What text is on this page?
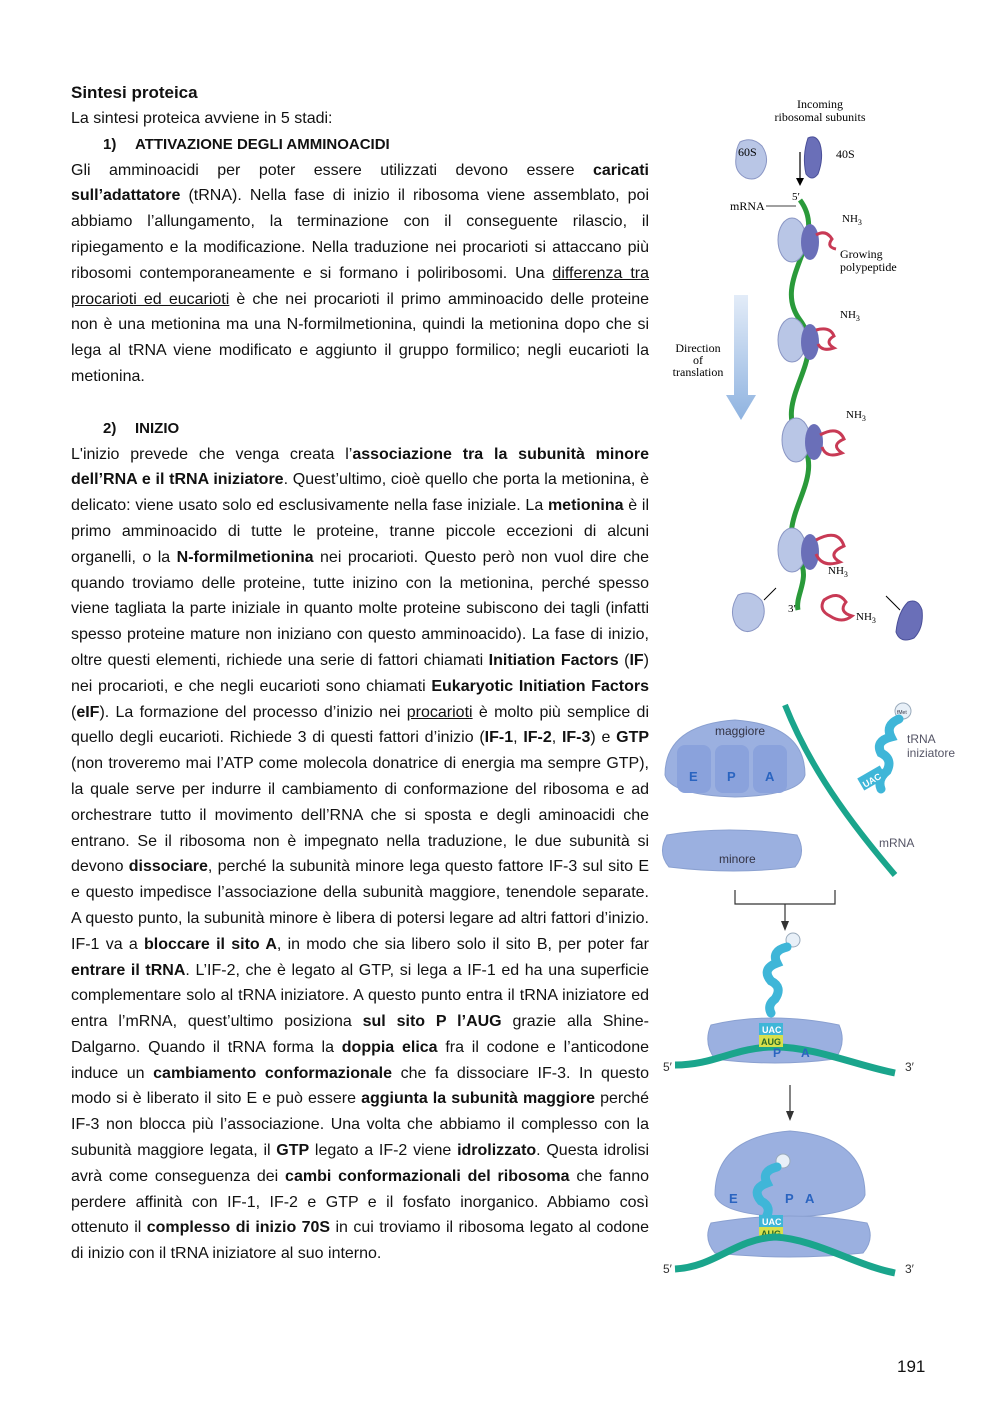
Sintesi proteica

La sintesi proteica avviene in 5 stadi:

1) ATTIVAZIONE DEGLI AMMINOACIDI

Gli amminoacidi per poter essere utilizzati devono essere caricati sull’adattatore (tRNA). Nella fase di inizio il ribosoma viene assemblato, poi abbiamo l’allungamento, la terminazione con il conseguente rilascio, il ripiegamento e la modificazione. Nella traduzione nei procarioti si attaccano più ribosomi contemporaneamente e si formano i poliribosomi. Una differenza tra procarioti ed eucarioti è che nei procarioti il primo amminoacido delle proteine non è una metionina ma una N-formilmetionina, quindi la metionina dopo che si lega al tRNA viene modificato e aggiunto il gruppo formilico; negli eucarioti la metionina.

2) INIZIO

L'inizio prevede che venga creata l’associazione tra la subunità minore dell’RNA e il tRNA iniziatore. Quest’ultimo, cioè quello che porta la metionina, è delicato: viene usato solo ed esclusivamente nella fase iniziale. La metionina è il primo amminoacido di tutte le proteine, tranne piccole eccezioni di alcuni organelli, o la N-formilmetionina nei procarioti. Questo però non vuol dire che quando troviamo delle proteine, tutte inizino con la metionina, perché spesso viene tagliata la parte iniziale in quanto molte proteine subiscono dei tagli (infatti spesso proteine mature non iniziano con questo amminoacido). La fase di inizio, oltre questi elementi, richiede una serie di fattori chiamati Initiation Factors (IF) nei procarioti, e che negli eucarioti sono chiamati Eukaryotic Initiation Factors (eIF). La formazione del processo d’inizio nei procarioti è molto più semplice di quello degli eucarioti. Richiede 3 di questi fattori d’inizio (IF-1, IF-2, IF-3) e GTP (non troveremo mai l’ATP come molecola donatrice di energia ma sempre GTP), la quale serve per indurre il cambiamento di conformazione del ribosoma e ad orchestrare tutto il movimento dell’RNA che si sposta e degli aminoacidi che entrano. Se il ribosoma non è impegnato nella traduzione, le due subunità si devono dissociare, perché la subunità minore lega questo fattore IF-3 sul sito E e questo impedisce l’associazione della subunità maggiore, tenendole separate. A questo punto, la subunità minore è libera di potersi legare ad altri fattori d’inizio. IF-1 va a bloccare il sito A, in modo che sia libero solo il sito B, per poter far entrare il tRNA. L’IF-2, che è legato al GTP, si lega a IF-1 ed ha una superficie complementare solo al tRNA iniziatore. A questo punto entra il tRNA iniziatore ed entra l’mRNA, quest’ultimo posiziona sul sito P l’AUG grazie alla Shine-Dalgarno. Quando il tRNA forma la doppia elica fra il codone e l’anticodone induce un cambiamento conformazionale che fa dissociare IF-3. In questo modo si è liberato il sito E e può essere aggiunta la subunità maggiore perché IF-3 non blocca più l’associazione. Una volta che abbiamo il complesso con la subunità maggiore legata, il GTP legato a IF-2 viene idrolizzato. Questa idrolisi avrà come conseguenza dei cambi conformazionali del ribosoma che fanno perdere affinità con IF-1, IF-2 e GTP e il fosfato inorganico. Abbiamo così ottenuto il complesso di inizio 70S in cui troviamo il ribosoma legato al codone di inizio con il tRNA iniziatore al suo interno.

Incoming
ribosomal subunits
60S	40S
5′
mRNA
3′
$NH_3$
Growing
polypeptide
$NH_3$
$NH_3$
$NH_3$
Direction
of
translation
$NH_3$
maggiore
E P A
minore
mRNA
fMet
UAC
tRNA
iniziatore
UAC
AUG
P A
5′	3′
E	P A
UAC
AUG
5′	3′
191
